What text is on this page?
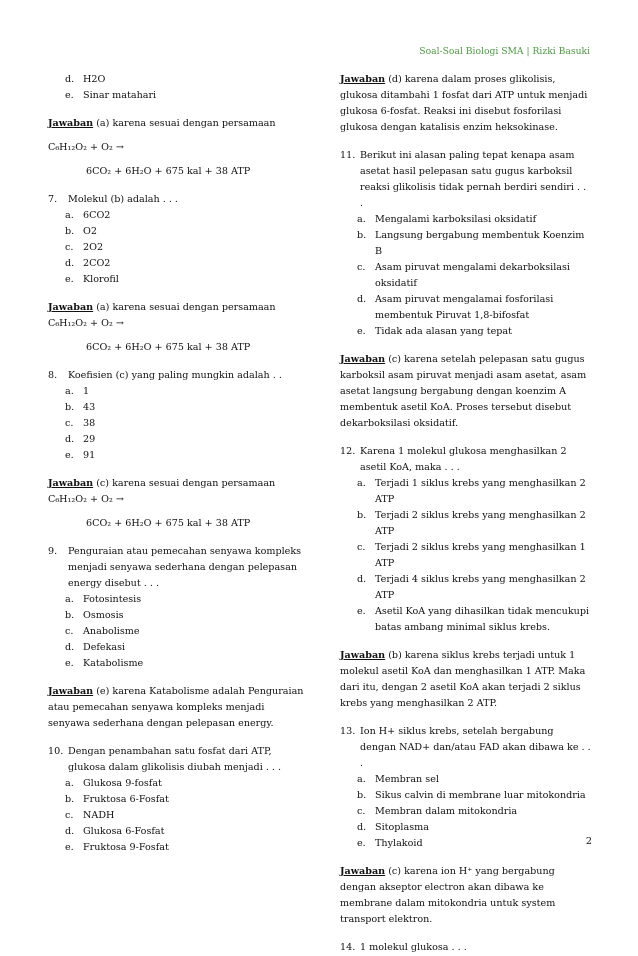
Soal-Soal Biologi SMA | Rizki Basuki
d. H2O
e. Sinar matahari
Jawaban (a) karena sesuai dengan persamaan
C₆H₁₂O₂ + O₂ →
6CO₂ + 6H₂O + 675 kal + 38 ATP
7.	Molekul (b) adalah . . .
a. 6CO2
b. O2
c. 2O2
d. 2CO2
e. Klorofil
Jawaban (a) karena sesuai dengan persamaan C₆H₁₂O₂ + O₂ →
6CO₂ + 6H₂O + 675 kal + 38 ATP
8.	Koefisien (c) yang paling mungkin adalah . .
a. 1
b. 43
c. 38
d. 29
e. 91
Jawaban (c) karena sesuai dengan persamaan C₆H₁₂O₂ + O₂ →
6CO₂ + 6H₂O + 675 kal + 38 ATP
9.	Penguraian atau pemecahan senyawa kompleks menjadi senyawa sederhana dengan pelepasan energy disebut . . .
a. Fotosintesis
b. Osmosis
c. Anabolisme
d. Defekasi
e. Katabolisme
Jawaban (e) karena Katabolisme adalah Penguraian atau pemecahan senyawa kompleks menjadi senyawa sederhana dengan pelepasan energy.
10. Dengan penambahan satu fosfat dari ATP, glukosa dalam glikolisis diubah menjadi . . .
a. Glukosa 9-fosfat
b. Fruktosa 6-Fosfat
c. NADH
d. Glukosa 6-Fosfat
e. Fruktosa 9-Fosfat
Jawaban (d) karena dalam proses glikolisis, glukosa ditambahi 1 fosfat dari ATP untuk menjadi glukosa 6-fosfat. Reaksi ini disebut fosforilasi glukosa dengan katalisis enzim heksokinase.
11. Berikut ini alasan paling tepat kenapa asam asetat hasil pelepasan satu gugus karboksil reaksi glikolisis tidak pernah berdiri sendiri . . .
a. Mengalami karboksilasi oksidatif
b. Langsung bergabung membentuk Koenzim B
c. Asam piruvat mengalami dekarboksilasi oksidatif
d. Asam piruvat mengalamai fosforilasi membentuk Piruvat 1,8-bifosfat
e. Tidak ada alasan yang tepat
Jawaban (c) karena setelah pelepasan satu gugus karboksil asam piruvat menjadi asam asetat, asam asetat langsung bergabung dengan koenzim A membentuk asetil KoA. Proses tersebut disebut dekarboksilasi oksidatif.
12. Karena 1 molekul glukosa menghasilkan 2 asetil KoA, maka . . .
a. Terjadi 1 siklus krebs yang menghasilkan 2 ATP
b. Terjadi 2 siklus krebs yang menghasilkan 2 ATP
c. Terjadi 2 siklus krebs yang menghasilkan 1 ATP
d. Terjadi 4 siklus krebs yang menghasilkan 2 ATP
e. Asetil KoA yang dihasilkan tidak mencukupi batas ambang minimal siklus krebs.
Jawaban (b) karena siklus krebs terjadi untuk 1 molekul asetil KoA dan menghasilkan 1 ATP. Maka dari itu, dengan 2 asetil KoA akan terjadi 2 siklus krebs yang menghasilkan 2 ATP.
13. Ion H+ siklus krebs, setelah bergabung dengan NAD+ dan/atau FAD akan dibawa ke . . .
a. Membran sel
b. Sikus calvin di membrane luar mitokondria
c. Membran dalam mitokondria
d. Sitoplasma
e. Thylakoid
Jawaban (c) karena ion H⁺ yang bergabung dengan akseptor electron akan dibawa ke membrane dalam mitokondria untuk system transport elektron.
14. 1 molekul glukosa . . .
2
